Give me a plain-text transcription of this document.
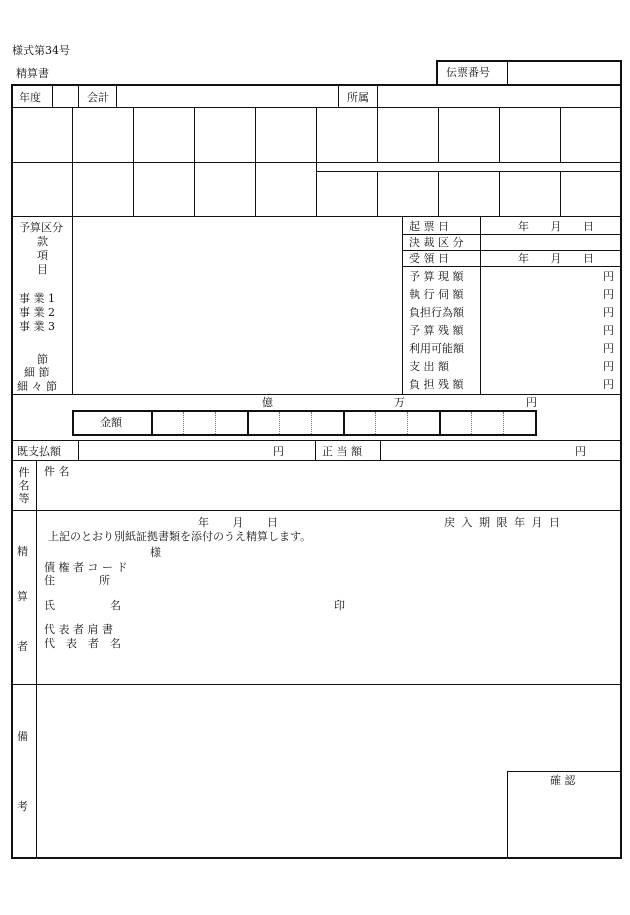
様式第34号
精算書	伝票番号
年度	会計	所属
予算区分
款
項
目
事 業 1
事 業 2
事 業 3
節
細 節
細 々 節
起 票 日	年 月 日
決 裁 区 分
受 領 日	年 月 日
予 算 現 額	円
執 行 伺 額	円
負担行為額	円
予 算 残 額	円
利用可能額	円
支 出 額	円
負 担 残 額	円
億	万	円
金額
既支払額	円	正 当 額	円
件名等
件 名
精
算
者
年 月 日	戻 入 期 限 年 月 日
上記のとおり別紙証拠書類を添付のうえ精算します。
様
債 権 者 コ ー ド
住　　　　所
氏　　　　　名	印
代 表 者 肩 書
代　表　者　名
備
考
確 認
